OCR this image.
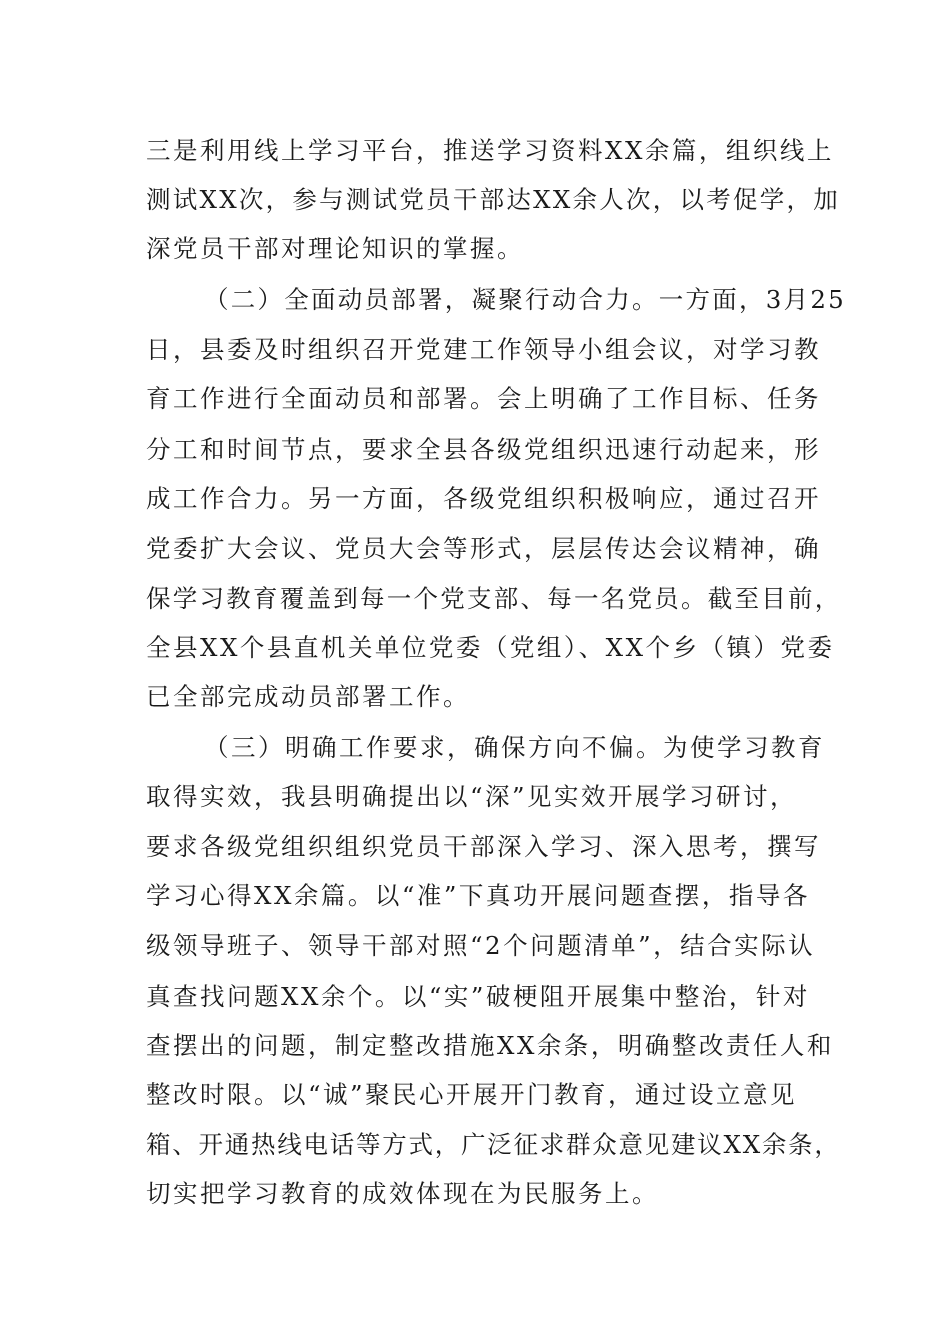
三是利用线上学习平台，推送学习资料XX余篇，组织线上
测试XX次，参与测试党员干部达XX余人次，以考促学，加
深党员干部对理论知识的掌握。
（二）全面动员部署，凝聚行动合力。一方面，3月25
日，县委及时组织召开党建工作领导小组会议，对学习教
育工作进行全面动员和部署。会上明确了工作目标、任务
分工和时间节点，要求全县各级党组织迅速行动起来，形
成工作合力。另一方面，各级党组织积极响应，通过召开
党委扩大会议、党员大会等形式，层层传达会议精神，确
保学习教育覆盖到每一个党支部、每一名党员。截至目前，
全县XX个县直机关单位党委（党组）、XX个乡（镇）党委
已全部完成动员部署工作。
（三）明确工作要求，确保方向不偏。为使学习教育
取得实效，我县明确提出以“深”见实效开展学习研讨，
要求各级党组织组织党员干部深入学习、深入思考，撰写
学习心得XX余篇。以“准”下真功开展问题查摆，指导各
级领导班子、领导干部对照“2个问题清单”，结合实际认
真查找问题XX余个。以“实”破梗阻开展集中整治，针对
查摆出的问题，制定整改措施XX余条，明确整改责任人和
整改时限。以“诚”聚民心开展开门教育，通过设立意见
箱、开通热线电话等方式，广泛征求群众意见建议XX余条，
切实把学习教育的成效体现在为民服务上。
